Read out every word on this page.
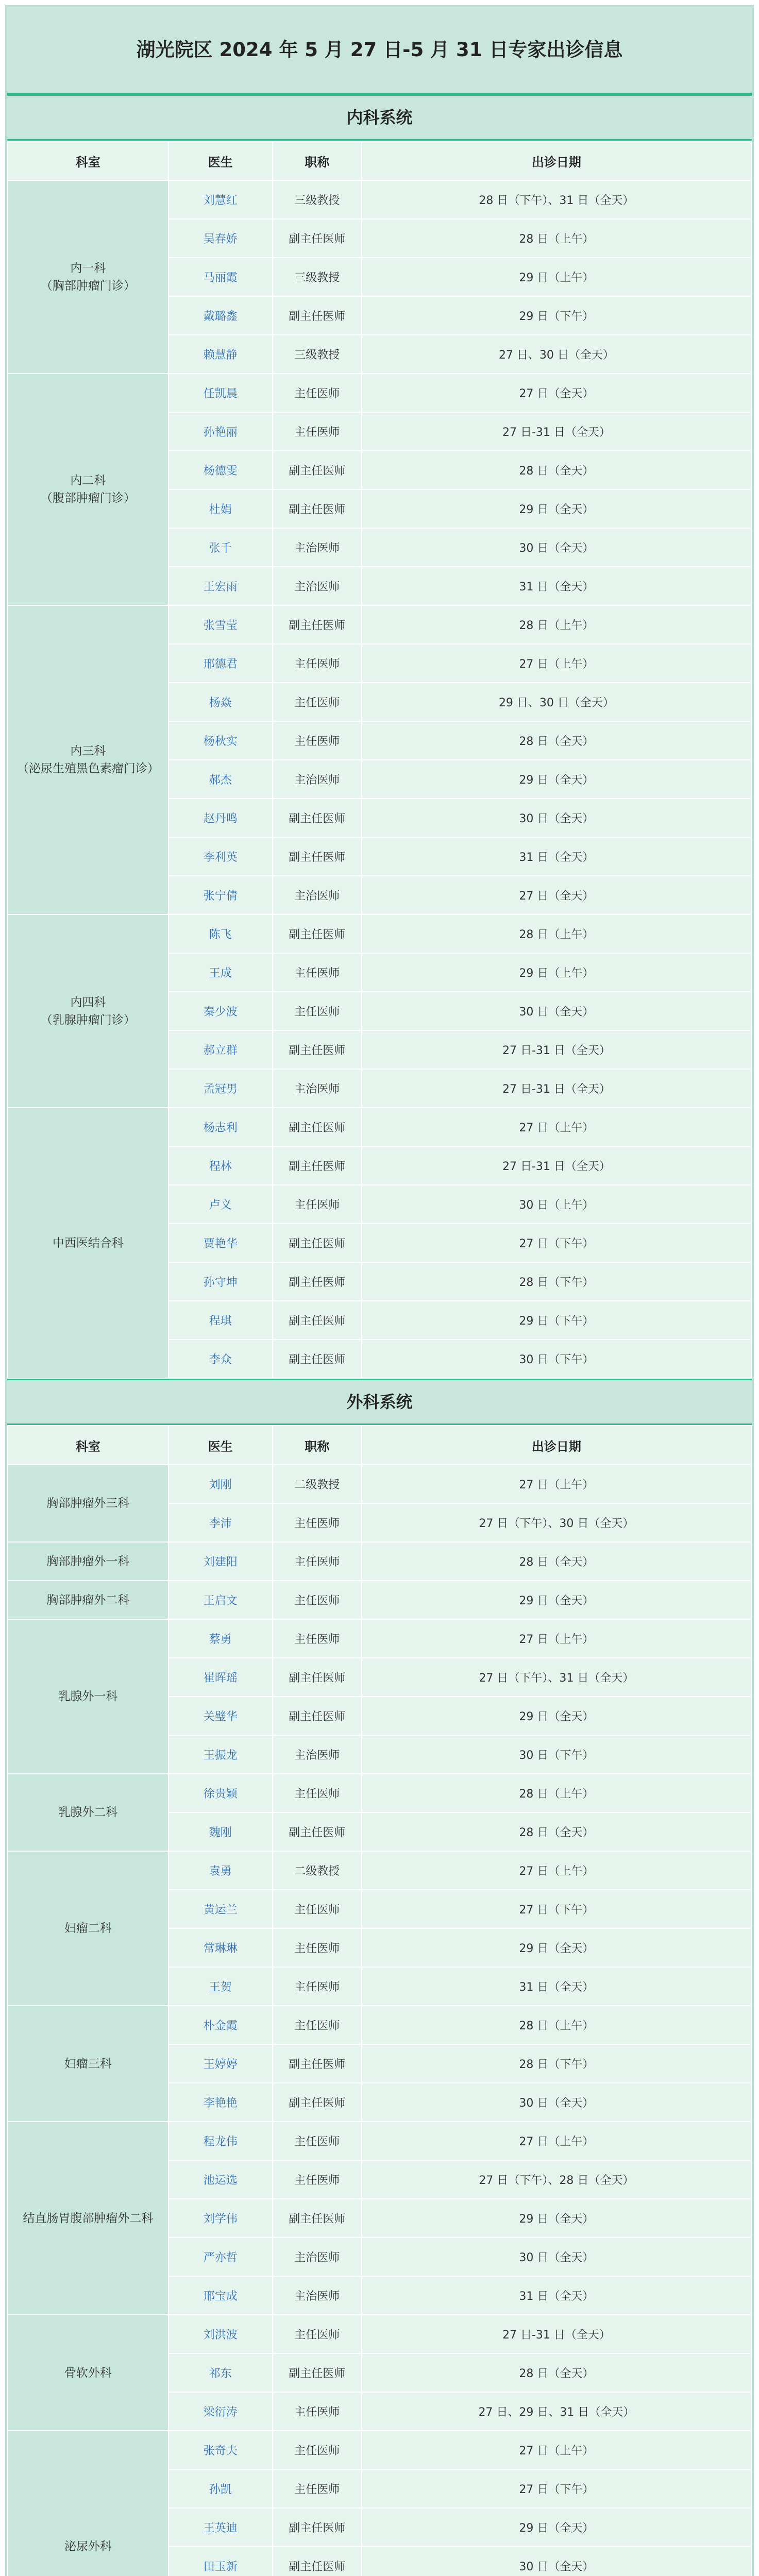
湖光院区 2024 年 5 月 27 日-5 月 31 日专家出诊信息
内科系统
科室	医生	职称	出诊日期
内一科
（胸部肿瘤门诊）	刘慧红	三级教授	28 日（下午）、31 日（全天）
	吴春娇	副主任医师	28 日（上午）
	马丽霞	三级教授	29 日（上午）
	戴璐鑫	副主任医师	29 日（下午）
	赖慧静	三级教授	27 日、30 日（全天）
内二科
（腹部肿瘤门诊）	任凯晨	主任医师	27 日（全天）
	孙艳丽	主任医师	27 日-31 日（全天）
	杨德雯	副主任医师	28 日（全天）
	杜娟	副主任医师	29 日（全天）
	张千	主治医师	30 日（全天）
	王宏雨	主治医师	31 日（全天）
内三科
（泌尿生殖黑色素瘤门诊）	张雪莹	副主任医师	28 日（上午）
	邢德君	主任医师	27 日（上午）
	杨焱	主任医师	29 日、30 日（全天）
	杨秋实	主任医师	28 日（全天）
	郝杰	主治医师	29 日（全天）
	赵丹鸣	副主任医师	30 日（全天）
	李利英	副主任医师	31 日（全天）
	张宁倩	主治医师	27 日（全天）
内四科
（乳腺肿瘤门诊）	陈飞	副主任医师	28 日（上午）
	王成	主任医师	29 日（上午）
	秦少波	主任医师	30 日（全天）
	郝立群	副主任医师	27 日-31 日（全天）
	孟冠男	主治医师	27 日-31 日（全天）
中西医结合科	杨志利	副主任医师	27 日（上午）
	程林	副主任医师	27 日-31 日（全天）
	卢义	主任医师	30 日（上午）
	贾艳华	副主任医师	27 日（下午）
	孙守坤	副主任医师	28 日（下午）
	程琪	副主任医师	29 日（下午）
	李众	副主任医师	30 日（下午）
外科系统
科室	医生	职称	出诊日期
胸部肿瘤外三科	刘刚	二级教授	27 日（上午）
	李沛	主任医师	27 日（下午）、30 日（全天）
胸部肿瘤外一科	刘建阳	主任医师	28 日（全天）
胸部肿瘤外二科	王启文	主任医师	29 日（全天）
乳腺外一科	蔡勇	主任医师	27 日（上午）
	崔晖瑶	副主任医师	27 日（下午）、31 日（全天）
	关璧华	副主任医师	29 日（全天）
	王振龙	主治医师	30 日（下午）
乳腺外二科	徐贵颖	主任医师	28 日（上午）
	魏刚	副主任医师	28 日（全天）
妇瘤二科	袁勇	二级教授	27 日（上午）
	黄运兰	主任医师	27 日（下午）
	常琳琳	主任医师	29 日（全天）
	王贺	主任医师	31 日（全天）
妇瘤三科	朴金霞	主任医师	28 日（上午）
	王婷婷	副主任医师	28 日（下午）
	李艳艳	副主任医师	30 日（全天）
结直肠胃腹部肿瘤外二科	程龙伟	主任医师	27 日（上午）
	池运选	主任医师	27 日（下午）、28 日（全天）
	刘学伟	副主任医师	29 日（全天）
	严亦哲	主治医师	30 日（全天）
	邢宝成	主治医师	31 日（全天）
骨软外科	刘洪波	主任医师	27 日-31 日（全天）
	祁东	副主任医师	28 日（全天）
	梁衍涛	主任医师	27 日、29 日、31 日（全天）
泌尿外科	张奇夫	主任医师	27 日（上午）
	孙凯	主任医师	27 日（下午）
	王英迪	副主任医师	29 日（全天）
	田玉新	副主任医师	30 日（全天）
